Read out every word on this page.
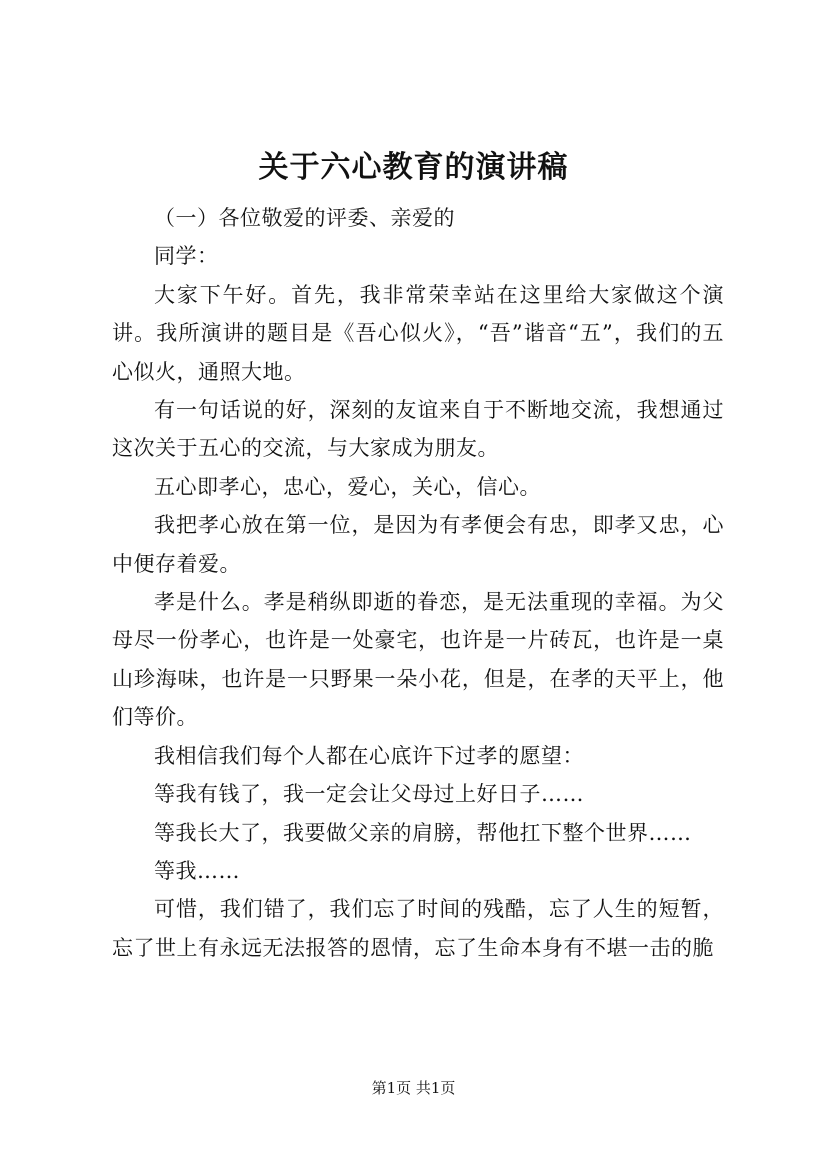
关于六心教育的演讲稿

（一）各位敬爱的评委、亲爱的

同学：

大家下午好。首先，我非常荣幸站在这里给大家做这个演讲。我所演讲的题目是《吾心似火》，“吾”谐音“五”，我们的五心似火，通照大地。

有一句话说的好，深刻的友谊来自于不断地交流，我想通过这次关于五心的交流，与大家成为朋友。

五心即孝心，忠心，爱心，关心，信心。

我把孝心放在第一位，是因为有孝便会有忠，即孝又忠，心中便存着爱。

孝是什么。孝是稍纵即逝的眷恋，是无法重现的幸福。为父母尽一份孝心，也许是一处豪宅，也许是一片砖瓦，也许是一桌山珍海味，也许是一只野果一朵小花，但是，在孝的天平上，他们等价。

我相信我们每个人都在心底许下过孝的愿望：

等我有钱了，我一定会让父母过上好日子……

等我长大了，我要做父亲的肩膀，帮他扛下整个世界……

等我……

可惜，我们错了，我们忘了时间的残酷，忘了人生的短暂，忘了世上有永远无法报答的恩情，忘了生命本身有不堪一击的脆

第1页 共1页
